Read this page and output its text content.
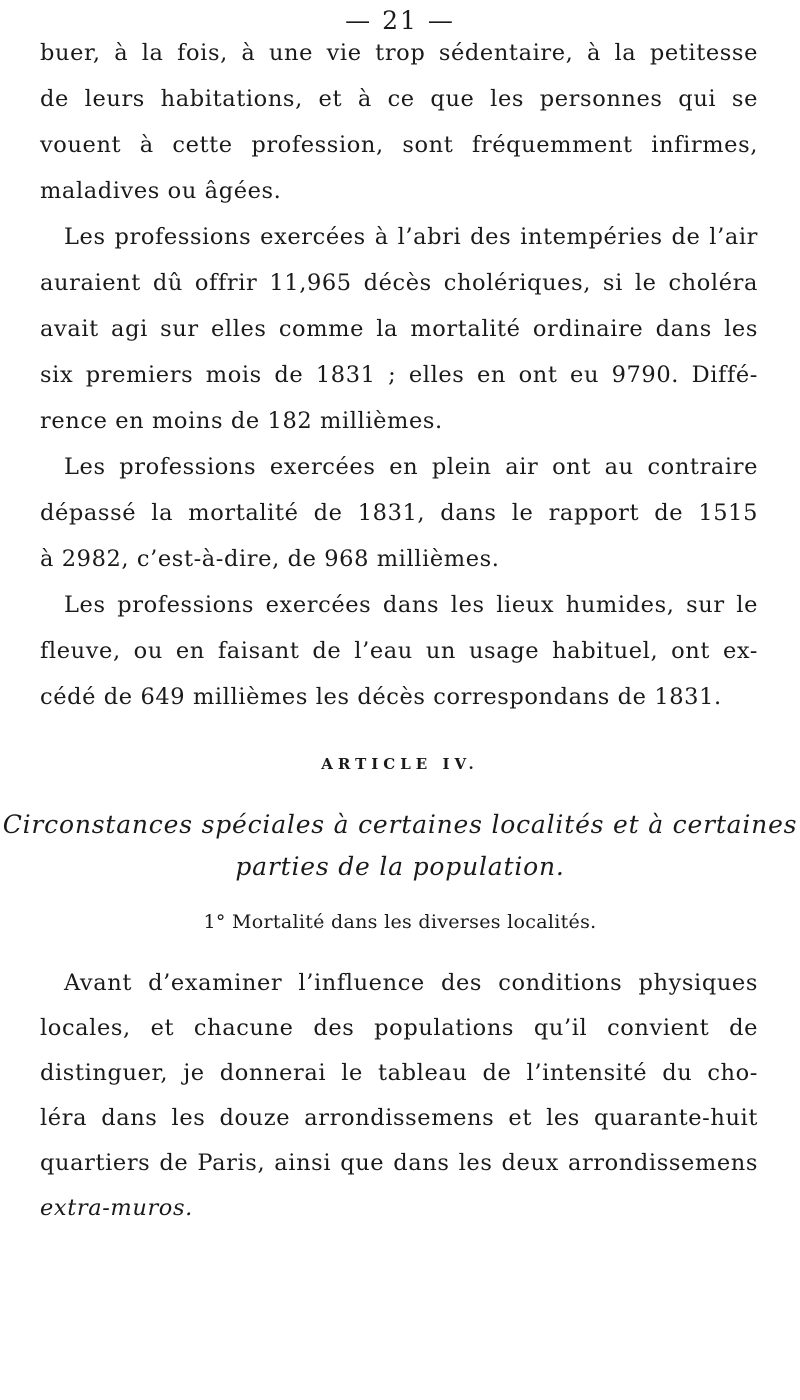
— 21 —
buer, à la fois, à une vie trop sédentaire, à la petitesse
de leurs habitations, et à ce que les personnes qui se
vouent à cette profession, sont fréquemment infirmes,
maladives ou âgées.
Les professions exercées à l’abri des intempéries de l’air
auraient dû offrir 11,965 décès cholériques, si le choléra
avait agi sur elles comme la mortalité ordinaire dans les
six premiers mois de 1831 ; elles en ont eu 9790. Diffé-
rence en moins de 182 millièmes.
Les professions exercées en plein air ont au contraire
dépassé la mortalité de 1831, dans le rapport de 1515
à 2982, c’est-à-dire, de 968 millièmes.
Les professions exercées dans les lieux humides, sur le
fleuve, ou en faisant de l’eau un usage habituel, ont ex-
cédé de 649 millièmes les décès correspondans de 1831.
ARTICLE IV.
Circonstances spéciales à certaines localités et à certaines
parties de la population.
1° Mortalité dans les diverses localités.
Avant d’examiner l’influence des conditions physiques
locales, et chacune des populations qu’il convient de
distinguer, je donnerai le tableau de l’intensité du cho-
léra dans les douze arrondissemens et les quarante-huit
quartiers de Paris, ainsi que dans les deux arrondissemens
extra-muros.
